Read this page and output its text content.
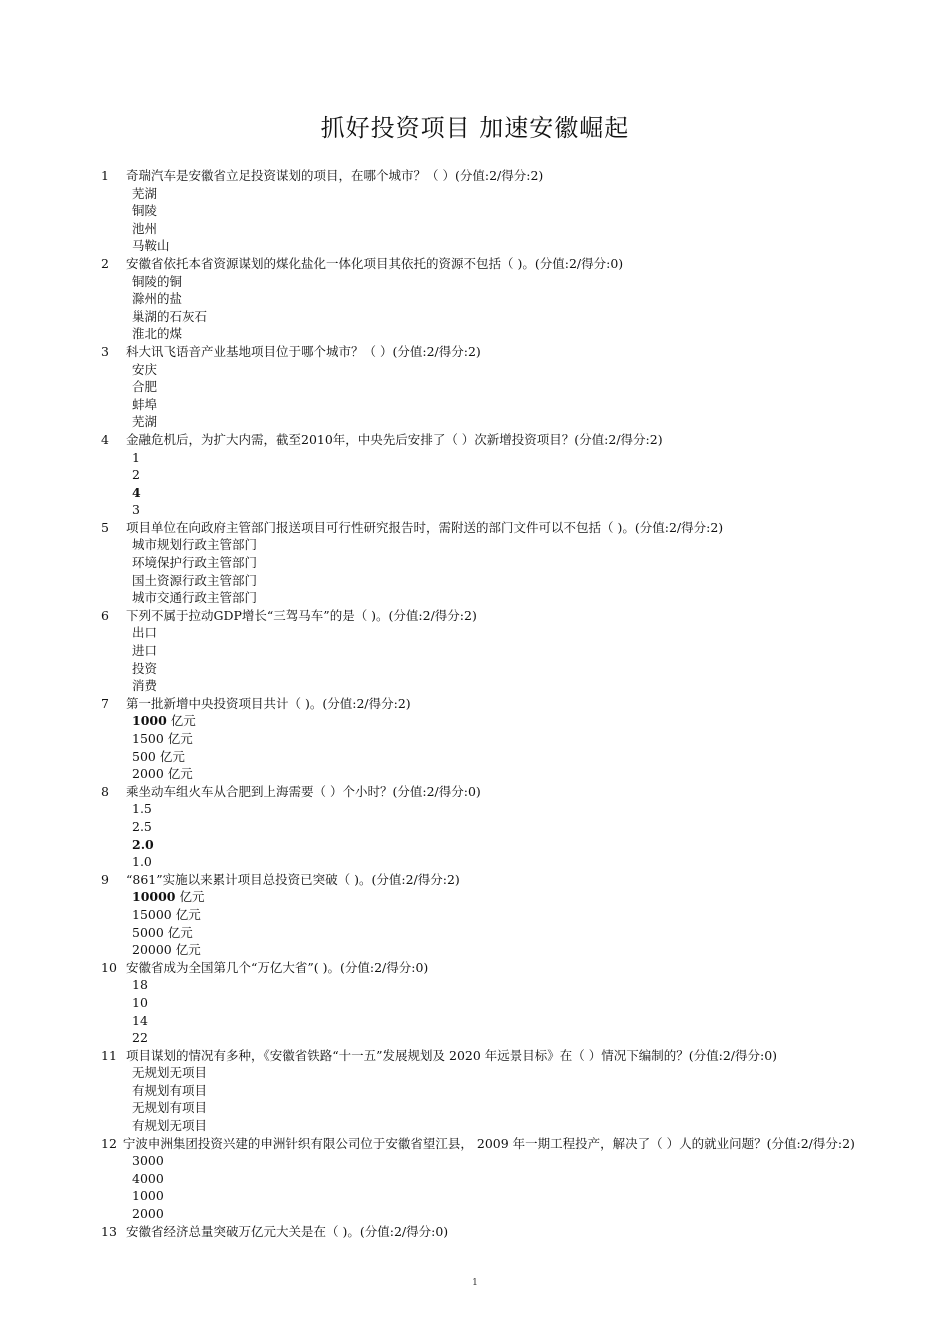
抓好投资项目 加速安徽崛起
1 奇瑞汽车是安徽省立足投资谋划的项目，在哪个城市？（ ）(分值:2/得分:2)
芜湖
铜陵
池州
马鞍山
2 安徽省依托本省资源谋划的煤化盐化一体化项目其依托的资源不包括（ )。(分值:2/得分:0)
铜陵的铜
滁州的盐
巢湖的石灰石
淮北的煤
3 科大讯飞语音产业基地项目位于哪个城市？（ ）(分值:2/得分:2)
安庆
合肥
蚌埠
芜湖
4 金融危机后，为扩大内需，截至2010年，中央先后安排了（ ）次新增投资项目？(分值:2/得分:2)
1
2
4
3
5 项目单位在向政府主管部门报送项目可行性研究报告时，需附送的部门文件可以不包括（ )。(分值:2/得分:2)
城市规划行政主管部门
环境保护行政主管部门
国土资源行政主管部门
城市交通行政主管部门
6 下列不属于拉动GDP增长“三驾马车”的是（ )。(分值:2/得分:2)
出口
进口
投资
消费
7 第一批新增中央投资项目共计（ )。(分值:2/得分:2)
1000 亿元
1500 亿元
500 亿元
2000 亿元
8 乘坐动车组火车从合肥到上海需要（ ）个小时？(分值:2/得分:0)
1.5
2.5
2.0
1.0
9 “861”实施以来累计项目总投资已突破（ )。(分值:2/得分:2)
10000 亿元
15000 亿元
5000 亿元
20000 亿元
10 安徽省成为全国第几个“万亿大省”( )。(分值:2/得分:0)
18
10
14
22
11 项目谋划的情况有多种，《安徽省铁路“十一五”发展规划及 2020 年远景目标》在（ ）情况下编制的？(分值:2/得分:0)
无规划无项目
有规划有项目
无规划有项目
有规划无项目
12 宁波申洲集团投资兴建的申洲针织有限公司位于安徽省望江县， 2009 年一期工程投产，解决了（ ）人的就业问题？(分值:2/得分:2)
3000
4000
1000
2000
13 安徽省经济总量突破万亿元大关是在（ )。(分值:2/得分:0)
1
